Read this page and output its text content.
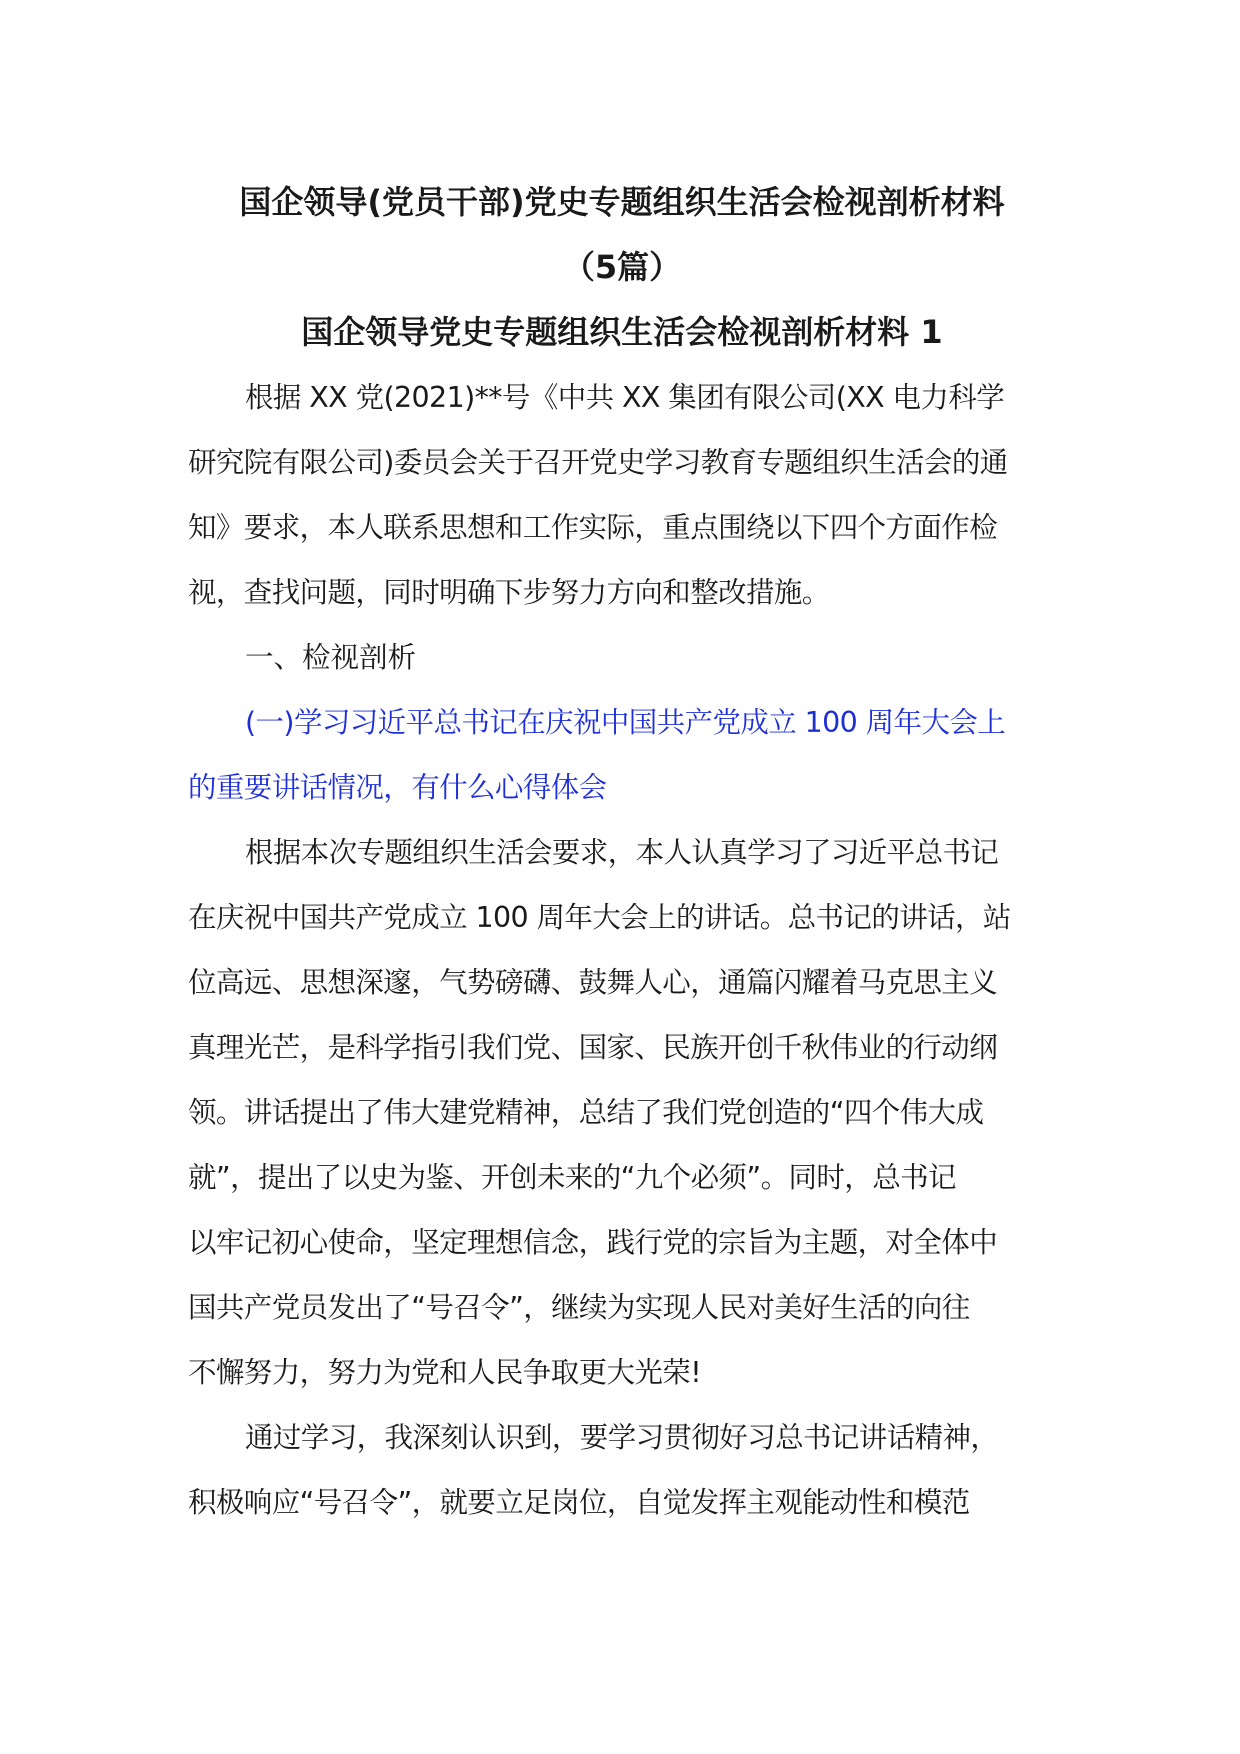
国企领导(党员干部)党史专题组织生活会检视剖析材料
（5篇）
国企领导党史专题组织生活会检视剖析材料 1

根据 XX 党(2021)**号《中共 XX 集团有限公司(XX 电力科学
研究院有限公司)委员会关于召开党史学习教育专题组织生活会的通
知》要求，本人联系思想和工作实际，重点围绕以下四个方面作检
视，查找问题，同时明确下步努力方向和整改措施。

一、检视剖析

(一)学习习近平总书记在庆祝中国共产党成立 100 周年大会上
的重要讲话情况，有什么心得体会

根据本次专题组织生活会要求，本人认真学习了习近平总书记
在庆祝中国共产党成立 100 周年大会上的讲话。总书记的讲话，站
位高远、思想深邃，气势磅礴、鼓舞人心，通篇闪耀着马克思主义
真理光芒，是科学指引我们党、国家、民族开创千秋伟业的行动纲
领。讲话提出了伟大建党精神，总结了我们党创造的“四个伟大成
就”，提出了以史为鉴、开创未来的“九个必须”。同时，总书记
以牢记初心使命，坚定理想信念，践行党的宗旨为主题，对全体中
国共产党员发出了“号召令”，继续为实现人民对美好生活的向往
不懈努力，努力为党和人民争取更大光荣!

通过学习，我深刻认识到，要学习贯彻好习总书记讲话精神，
积极响应“号召令”，就要立足岗位，自觉发挥主观能动性和模范
